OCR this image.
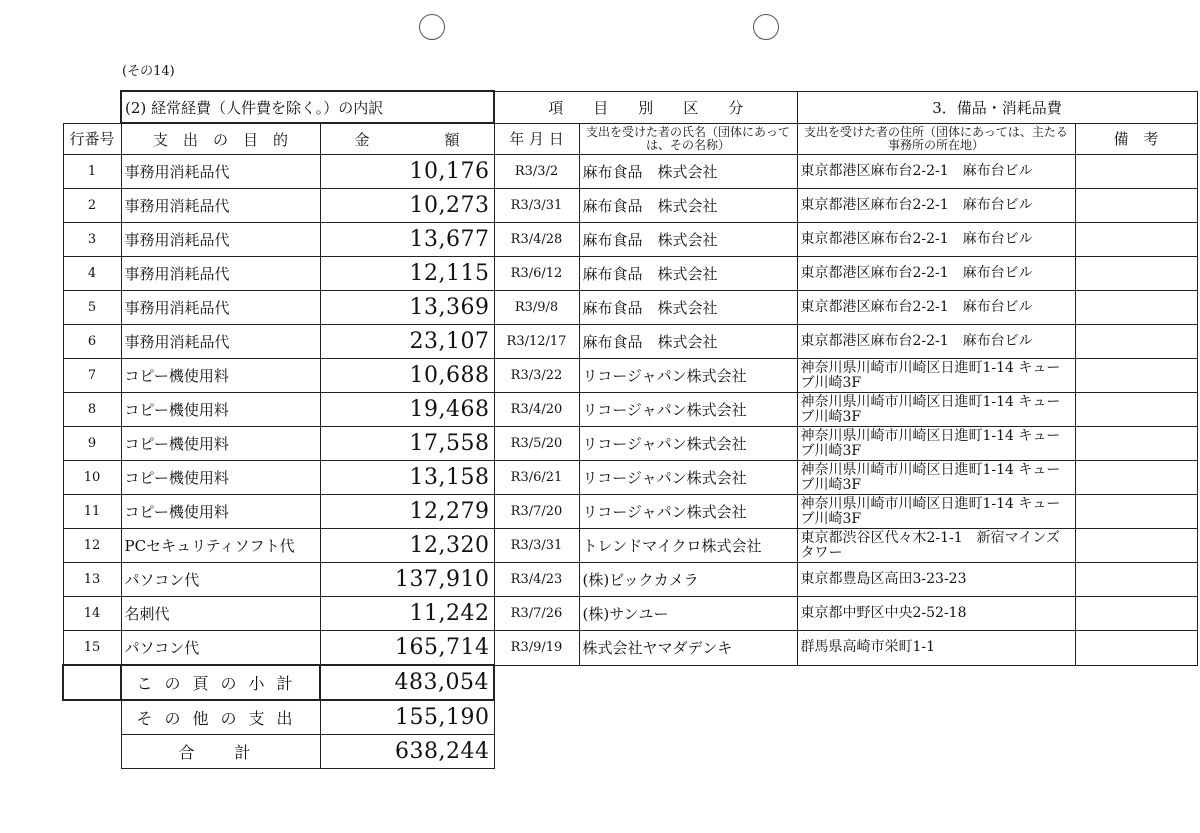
(その14)
	(2) 経常経費（人件費を除く。）の内訳		項　　目　　別　　区　　分		3．備品・消耗品費	
行番号	支　出　の　目　的	金　　　　　額	年 月 日	支出を受けた者の氏名（団体にあっては、その名称）	支出を受けた者の住所（団体にあっては、主たる事務所の所在地）	備　考
1	事務用消耗品代	10,176	R3/3/2	麻布食品　株式会社	東京都港区麻布台2-2-1　麻布台ビル	
2	事務用消耗品代	10,273	R3/3/31	麻布食品　株式会社	東京都港区麻布台2-2-1　麻布台ビル	
3	事務用消耗品代	13,677	R3/4/28	麻布食品　株式会社	東京都港区麻布台2-2-1　麻布台ビル	
4	事務用消耗品代	12,115	R3/6/12	麻布食品　株式会社	東京都港区麻布台2-2-1　麻布台ビル	
5	事務用消耗品代	13,369	R3/9/8	麻布食品　株式会社	東京都港区麻布台2-2-1　麻布台ビル	
6	事務用消耗品代	23,107	R3/12/17	麻布食品　株式会社	東京都港区麻布台2-2-1　麻布台ビル	
7	コピー機使用料	10,688	R3/3/22	リコージャパン株式会社	神奈川県川崎市川崎区日進町1-14 キューブ川崎3F	
8	コピー機使用料	19,468	R3/4/20	リコージャパン株式会社	神奈川県川崎市川崎区日進町1-14 キューブ川崎3F	
9	コピー機使用料	17,558	R3/5/20	リコージャパン株式会社	神奈川県川崎市川崎区日進町1-14 キューブ川崎3F	
10	コピー機使用料	13,158	R3/6/21	リコージャパン株式会社	神奈川県川崎市川崎区日進町1-14 キューブ川崎3F	
11	コピー機使用料	12,279	R3/7/20	リコージャパン株式会社	神奈川県川崎市川崎区日進町1-14 キューブ川崎3F	
12	PCセキュリティソフト代	12,320	R3/3/31	トレンドマイクロ株式会社	東京都渋谷区代々木2-1-1　新宿マインズタワー	
13	パソコン代	137,910	R3/4/23	(株)ビックカメラ	東京都豊島区高田3-23-23	
14	名刺代	11,242	R3/7/26	(株)サンユー	東京都中野区中央2-52-18	
15	パソコン代	165,714	R3/9/19	株式会社ヤマダデンキ	群馬県高崎市栄町1-1	
	この頁の小計	483,054				
	その他の支出	155,190				
	合　計	638,244				
